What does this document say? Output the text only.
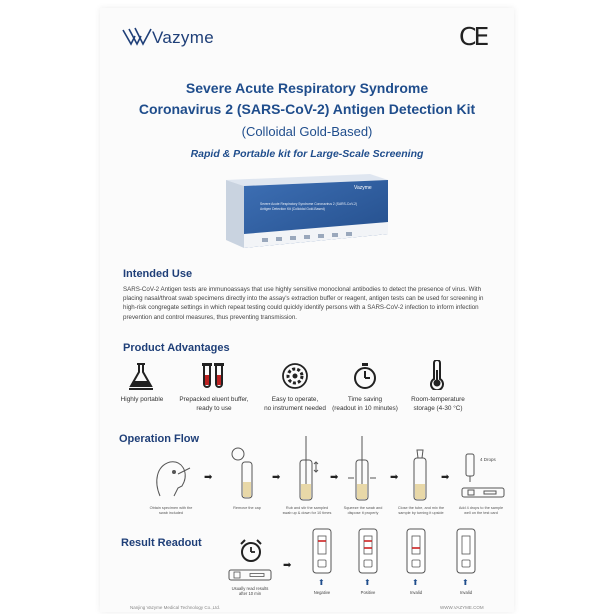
Vazyme	CE
Severe Acute Respiratory Syndrome
Coronavirus 2 (SARS-CoV-2) Antigen Detection Kit
(Colloidal Gold-Based)
Rapid & Portable kit for Large-Scale Screening
Vazyme
Severe Acute Respiratory Syndrome Coronavirus 2 (SARS-CoV-2)
Antigen Detection Kit (Colloidal Gold-Based)
Intended Use
SARS-CoV-2 Antigen tests are immunoassays that use highly sensitive monoclonal antibodies to detect the presence of virus. With placing nasal/throat swab specimens directly into the assay's extraction buffer or reagent, antigen tests can be used for screening in high-risk congregate settings in which repeat testing could quickly identify persons with a SARS-CoV-2 infection to inform infection prevention and control measures, thus preventing transmission.
Product Advantages
Highly portable	Prepacked eluent buffer,
ready to use
Easy to operate,
no instrument needed
Time saving
(readout in 10 minutes)
Room-temperature
storage (4-30 °C)
Operation Flow
➡	➡	➡	➡	➡
4 Drops
Obtain specimen with the swab included
Remove the cap	Rub and stir the sampled swab up & down for 10 times
Squeeze the swab and dispose it properly
Close the tube, and mix the sample by turning it upside
Add 4 drops to the sample well on the test card
Result Readout
Usually read results after 10 min
➡
⬆	⬆	⬆	⬆
Negative	Positive	Invalid	Invalid
Nanjing Vazyme Medical Technology Co.,Ltd.	WWW.VAZYME.COM
